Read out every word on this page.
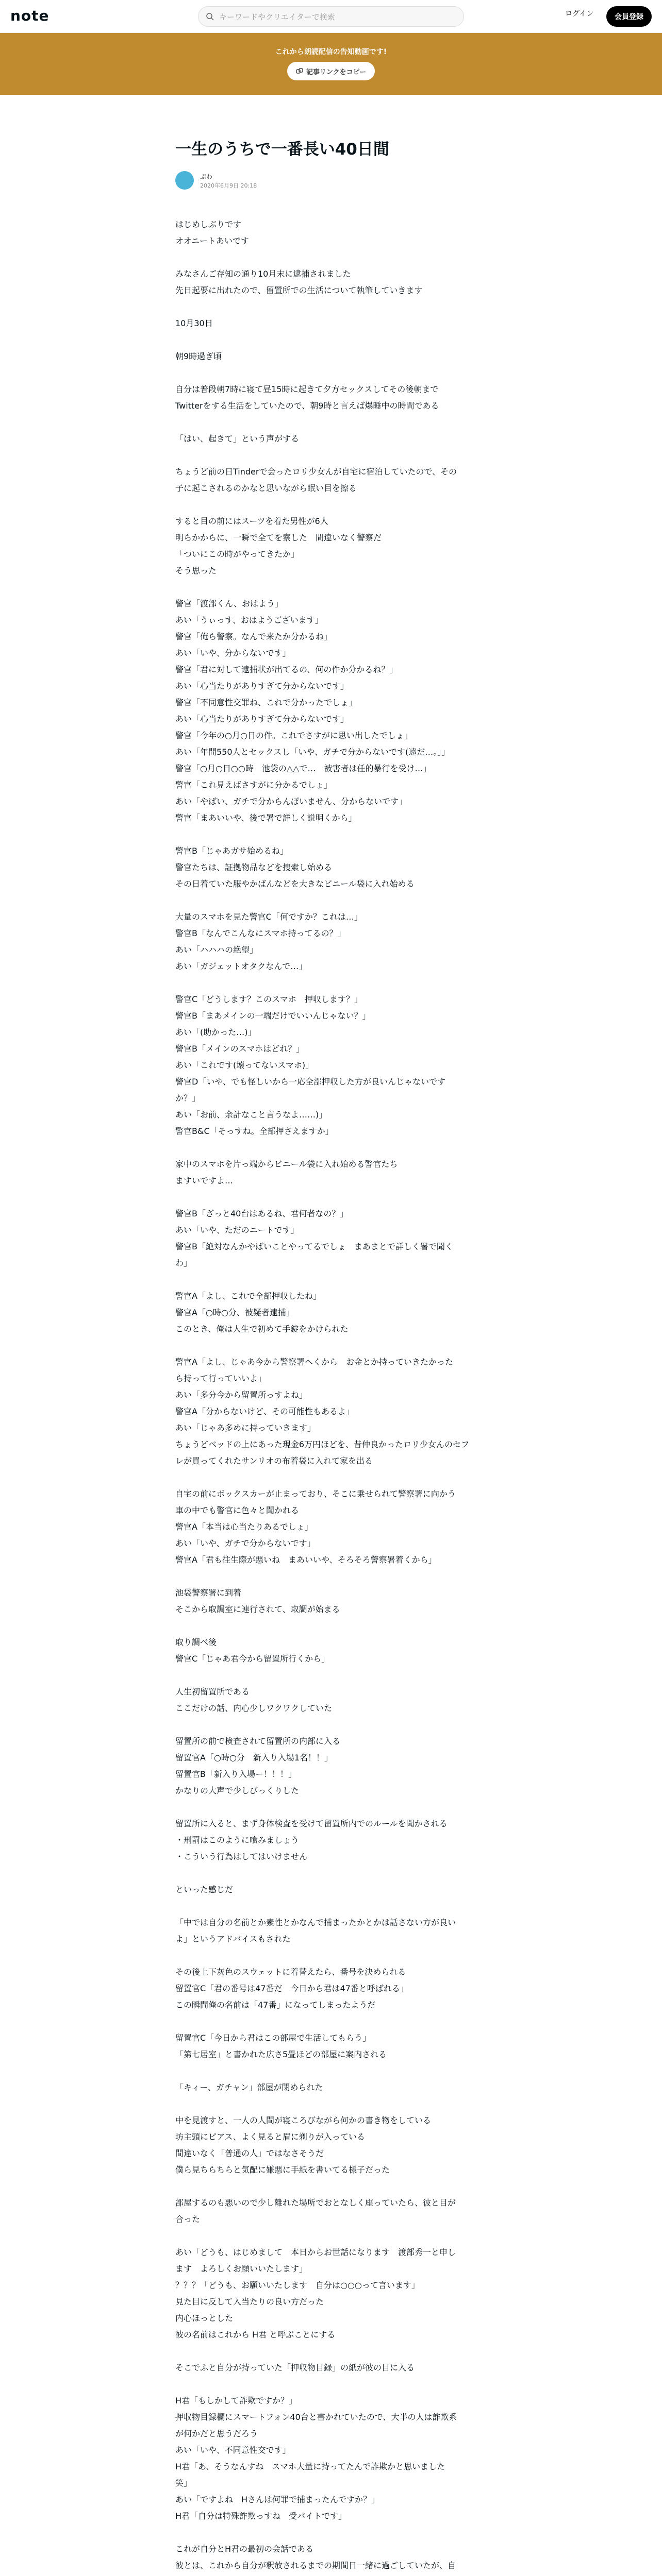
note	キーワードやクリエイターで検索	ログイン	会員登録
これから朗読配信の告知動画です!
記事リンクをコピー
一生のうちで一番長い40日間
ぷわ
2020年6月9日 20:18

はじめしぶりです
オオニートあいです

みなさんご存知の通り10月末に逮捕されました
先日起要に出れたので、留置所での生活について執筆していきます

10月30日

朝9時過ぎ頃

自分は普段朝7時に寝て昼15時に起きて夕方セックスしてその後朝まで
Twitterをする生活をしていたので、朝9時と言えば爆睡中の時間である

「はい、起きて」という声がする

ちょうど前の日Tinderで会ったロリ少女んが自宅に宿泊していたので、その
子に起こされるのかなと思いながら眠い目を擦る

すると目の前にはスーツを着た男性が6人
明らかからに、一瞬で全てを察した　間違いなく警察だ
「ついにこの時がやってきたか」
そう思った

警官「渡部くん、おはよう」
あい「うぃっす、おはようございます」
警官「俺ら警察。なんで来たか分かるね」
あい「いや、分からないです」
警官「君に対して逮捕状が出てるの、何の件か分かるね？」
あい「心当たりがありすぎて分からないです」
警官「不同意性交罪ね、これで分かったでしょ」
あい「心当たりがありすぎて分からないです」
警官「今年の○月○日の件。これでさすがに思い出したでしょ」
あい「年間550人とセックスし「いや、ガチで分からないです(遠だ…。」」
警官「○月○日○○時　池袋の△△で…　被害者は任的暴行を受け…」
警官「これ見えばさすがに分かるでしょ」
あい「やばい、ガチで分からんぽいません、分からないです」
警官「まあいいや、後で署で詳しく説明くから」

警官B「じゃあガサ始めるね」
警官たちは、証拠物品などを捜索し始める
その日着ていた服やかばんなどを大きなビニール袋に入れ始める

大量のスマホを見た警官C「何ですか？これは…」
警官B「なんでこんなにスマホ持ってるの？」
あい「ハハハの絶望」
あい「ガジェットオタクなんで…」

警官C「どうします？このスマホ　押収します？」
警官B「まあメインの一端だけでいいんじゃない？」
あい「(助かった…)」
警官B「メインのスマホはどれ？」
あい「これです(壊ってないスマホ)」
警官D「いや、でも怪しいから一応全部押収した方が良いんじゃないです
か？」
あい「お前、余計なこと言うなよ……)」
警官B&C「そっすね。全部押さえますか」

家中のスマホを片っ端からビニール袋に入れ始める警官たち
ますいですよ…

警官B「ざっと40台はあるね、君何者なの？」
あい「いや、ただのニートです」
警官B「絶対なんかやばいことやってるでしょ　まあまとで詳しく署で聞く
わ」

警官A「よし、これで全部押収したね」
警官A「○時○分、被疑者逮捕」
このとき、俺は人生で初めて手錠をかけられた

警官A「よし、じゃあ今から警察署へくから　お金とか持っていきたかった
ら持って行っていいよ」
あい「多分今から留置所っすよね」
警官A「分からないけど、その可能性もあるよ」
あい「じゃあ多めに持っていきます」
ちょうどベッドの上にあった現金6万円ほどを、昔仲良かったロリ少女んのセフ
レが買ってくれたサンリオの布着袋に入れて家を出る

自宅の前にボックスカーが止まっており、そこに乗せられて警察署に向かう
車の中でも警官に色々と聞かれる
警官A「本当は心当たりあるでしょ」
あい「いや、ガチで分からないです」
警官A「君も往生際が悪いね　まあいいや、そろそろ警察署着くから」

池袋警察署に到着
そこから取調室に連行されて、取調が始まる

取り調べ後
警官C「じゃあ君今から留置所行くから」

人生初留置所である
ここだけの話、内心少しワクワクしていた

留置所の前で検査されて留置所の内部に入る
留置官A「○時○分　新入り入場1名！！」
留置官B「新入り入場ー！！！」
かなりの大声で少しびっくりした

留置所に入ると、まず身体検査を受けて留置所内でのルールを聞かされる
・刑罰はこのように喰みましょう
・こういう行為はしてはいけません

といった感じだ

「中では自分の名前とか素性とかなんで捕まったかとかは話さない方が良い
よ」というアドバイスもされた

その後上下灰色のスウェットに着替えたら、番号を決められる
留置官C「君の番号は47番だ　今日から君は47番と呼ばれる」
この瞬間俺の名前は「47番」になってしまったようだ

留置官C「今日から君はこの部屋で生活してもらう」
「第七居室」と書かれた広さ5畳ほどの部屋に案内される

「キィー、ガチャン」部屋が閉められた

中を見渡すと、一人の人間が寝ころびながら何かの書き物をしている
坊主頭にピアス、よく見ると眉に剃りが入っている
間違いなく「普通の人」ではなさそうだ
僕ら見ちらちらと気配に嫌悪に手紙を書いてる様子だった

部屋するのも悪いので少し離れた場所でおとなしく座っていたら、彼と目が
合った

あい「どうも、はじめまして　本日からお世話になります　渡部秀一と申し
ます　よろしくお願いいたします」
？？？「どうも、お願いいたします　自分は○○○って言います」
見た目に反して入当たりの良い方だった
内心ほっとした
彼の名前はこれから H君 と呼ぶことにする

そこでふと自分が持っていた「押収物目録」の紙が彼の目に入る

H君「もしかして詐欺ですか？」
押収物目録欄にスマートフォン40台と書かれていたので、大半の人は詐欺系
が何かだと思うだろう
あい「いや、不同意性交です」
H君「あ、そうなんすね　スマホ大量に持ってたんで詐欺かと思いました
笑」
あい「ですよね　Hさんは何罪で捕まったんですか？」
H君「自分は特殊詐欺っすね　受パイトです」

これが自分とH君の最初の会話である
彼とは、これから自分が釈放されるまでの期間日一緒に過ごしていたが、自
